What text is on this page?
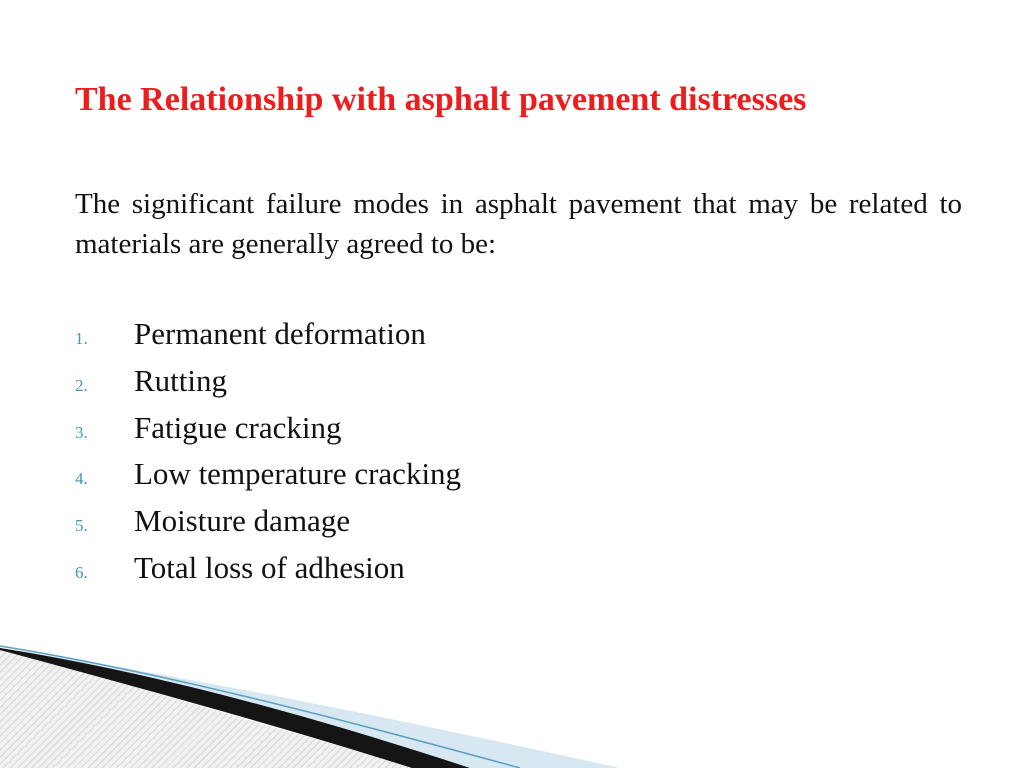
The Relationship with asphalt pavement distresses

The significant failure modes in asphalt pavement that may be related to materials are generally agreed to be:

1.	Permanent deformation
2.	Rutting
3.	Fatigue cracking
4.	Low temperature cracking
5.	Moisture damage
6.	Total loss of adhesion
